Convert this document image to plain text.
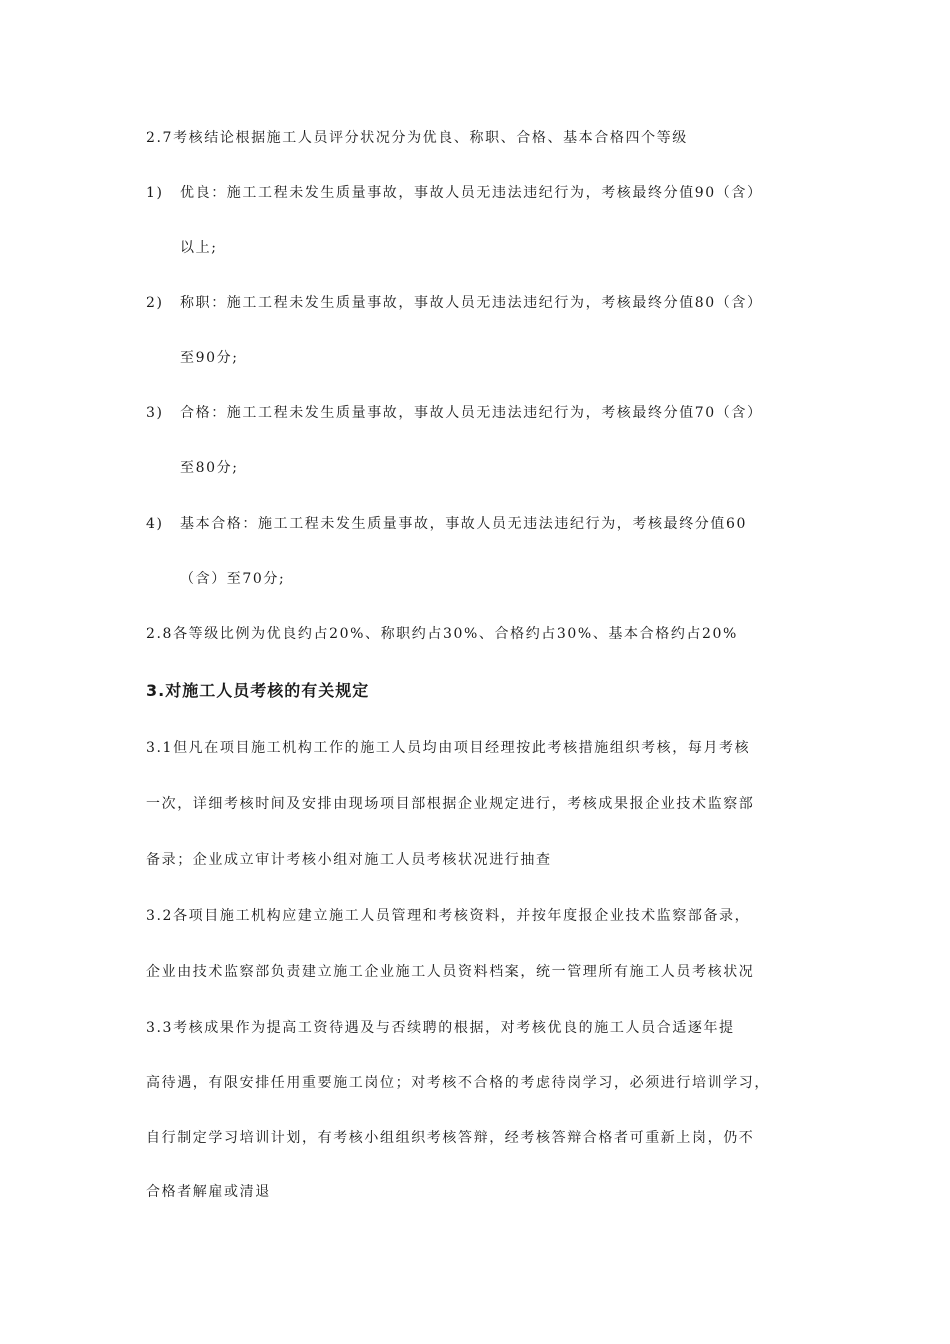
2.7考核结论根据施工人员评分状况分为优良、称职、合格、基本合格四个等级
1) 优良：施工工程未发生质量事故，事故人员无违法违纪行为，考核最终分值90（含）
以上;
2) 称职：施工工程未发生质量事故，事故人员无违法违纪行为，考核最终分值80（含）
至90分;
3) 合格：施工工程未发生质量事故，事故人员无违法违纪行为，考核最终分值70（含）
至80分;
4) 基本合格：施工工程未发生质量事故，事故人员无违法违纪行为，考核最终分值60
（含）至70分;
2.8各等级比例为优良约占20%、称职约占30%、合格约占30%、基本合格约占20%
3.对施工人员考核的有关规定
3.1但凡在项目施工机构工作的施工人员均由项目经理按此考核措施组织考核，每月考核
一次，详细考核时间及安排由现场项目部根据企业规定进行，考核成果报企业技术监察部
备录；企业成立审计考核小组对施工人员考核状况进行抽查
3.2各项目施工机构应建立施工人员管理和考核资料，并按年度报企业技术监察部备录，
企业由技术监察部负责建立施工企业施工人员资料档案，统一管理所有施工人员考核状况
3.3考核成果作为提高工资待遇及与否续聘的根据，对考核优良的施工人员合适逐年提
高待遇，有限安排任用重要施工岗位；对考核不合格的考虑待岗学习，必须进行培训学习，
自行制定学习培训计划，有考核小组组织考核答辩，经考核答辩合格者可重新上岗，仍不
合格者解雇或清退
